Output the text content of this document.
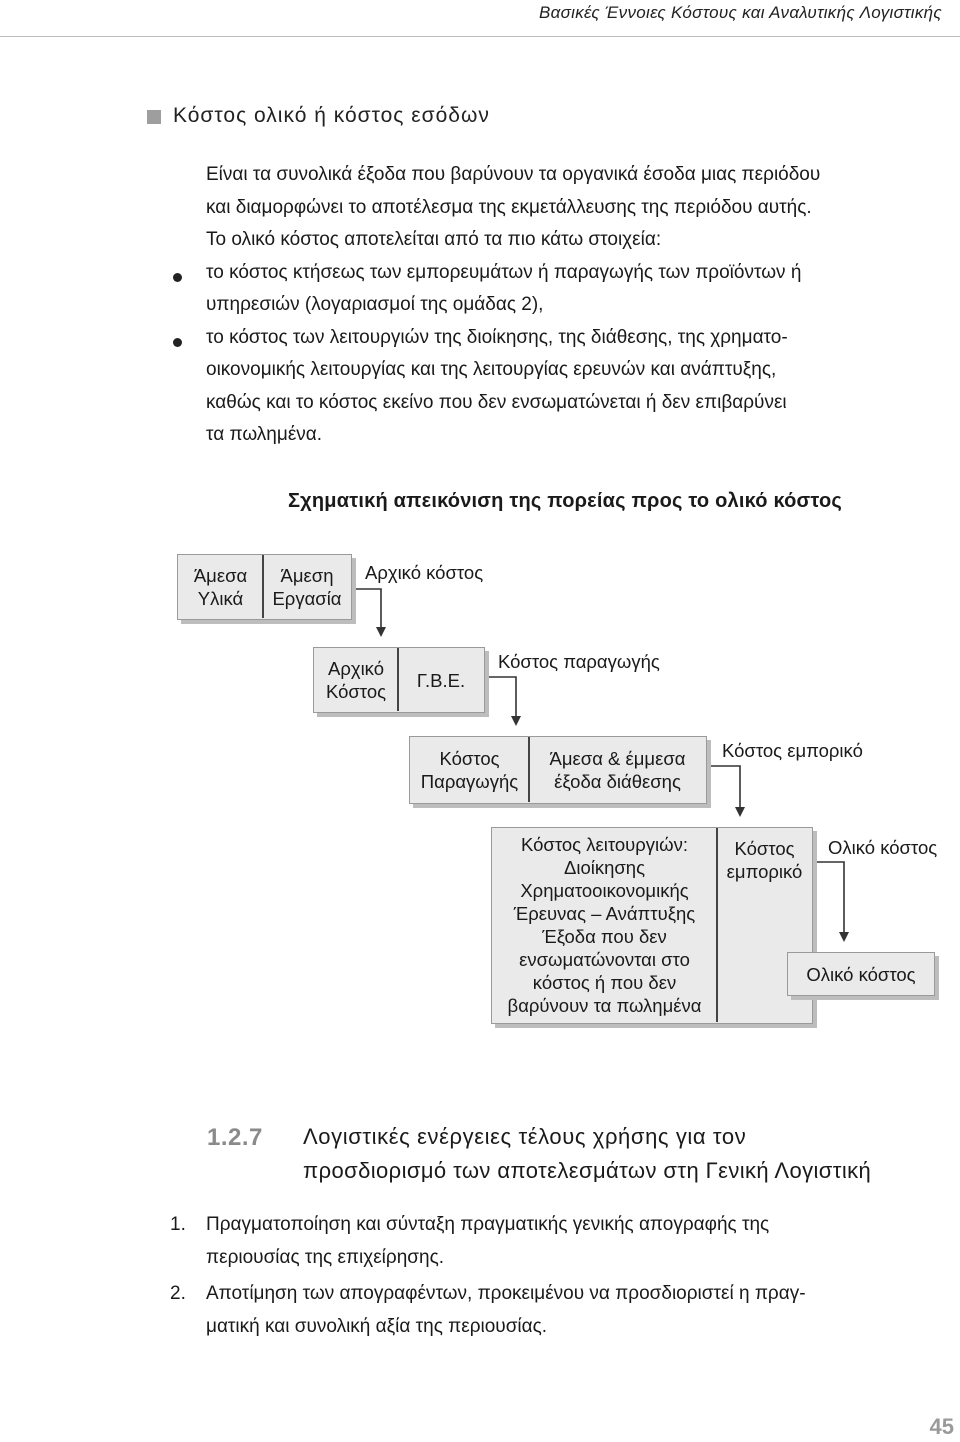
Βασικές Έννοιες Κόστους και Αναλυτικής Λογιστικής
Κόστος ολικό ή κόστος εσόδων
Είναι τα συνολικά έξοδα που βαρύνουν τα οργανικά έσοδα μιας περιόδου
και διαμορφώνει το αποτέλεσμα της εκμετάλλευσης της περιόδου αυτής.
Το ολικό κόστος αποτελείται από τα πιο κάτω στοιχεία:
το κόστος κτήσεως των εμπορευμάτων ή παραγωγής των προϊόντων ή
υπηρεσιών (λογαριασμοί της ομάδας 2),
το κόστος των λειτουργιών της διοίκησης, της διάθεσης, της χρηματο-
οικονομικής λειτουργίας και της λειτουργίας ερευνών και ανάπτυξης,
καθώς και το κόστος εκείνο που δεν ενσωματώνεται ή δεν επιβαρύνει
τα πωλημένα.
Σχηματική απεικόνιση της πορείας προς το ολικό κόστος
Άμεσα
Υλικά
Άμεση
Εργασία
Αρχικό κόστος
Αρχικό
Κόστος
Γ.Β.Ε.
Κόστος παραγωγής
Κόστος
Παραγωγής
Άμεσα & έμμεσα
έξοδα διάθεσης
Κόστος εμπορικό
Κόστος λειτουργιών:
Διοίκησης
Χρηματοοικονομικής
Έρευνας – Ανάπτυξης
Έξοδα που δεν
ενσωματώνονται στο
κόστος ή που δεν
βαρύνουν τα πωλημένα
Κόστος
εμπορικό
Ολικό κόστος
Ολικό κόστος
1.2.7 Λογιστικές ενέργειες τέλους χρήσης για τον
προσδιορισμό των αποτελεσμάτων στη Γενική Λογιστική
1. Πραγματοποίηση και σύνταξη πραγματικής γενικής απογραφής της
περιουσίας της επιχείρησης.
2. Αποτίμηση των απογραφέντων, προκειμένου να προσδιοριστεί η πραγ-
ματική και συνολική αξία της περιουσίας.
45
